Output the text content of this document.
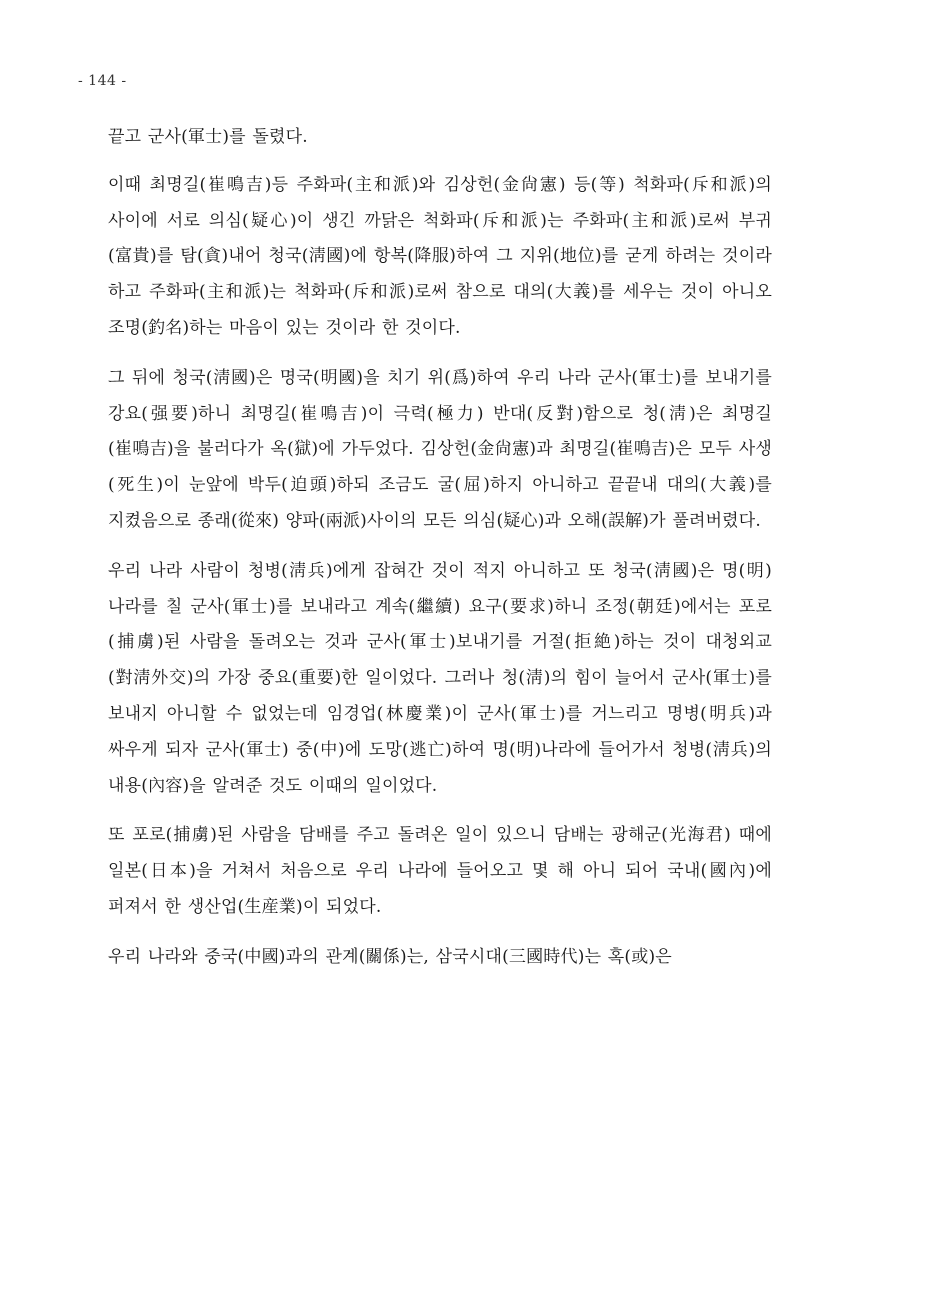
- 144 -

끝고 군사(軍士)를 돌렸다.

이때 최명길(崔鳴吉)등 주화파(主和派)와 김상헌(金尙憲) 등(等) 척화파(斥和派)의 사이에 서로 의심(疑心)이 생긴 까닭은 척화파(斥和派)는 주화파(主和派)로써 부귀(富貴)를 탐(貪)내어 청국(淸國)에 항복(降服)하여 그 지위(地位)를 굳게 하려는 것이라 하고 주화파(主和派)는 척화파(斥和派)로써 참으로 대의(大義)를 세우는 것이 아니오 조명(釣名)하는 마음이 있는 것이라 한 것이다.

그 뒤에 청국(淸國)은 명국(明國)을 치기 위(爲)하여 우리 나라 군사(軍士)를 보내기를 강요(强要)하니 최명길(崔鳴吉)이 극력(極力) 반대(反對)함으로 청(淸)은 최명길(崔鳴吉)을 불러다가 옥(獄)에 가두었다. 김상헌(金尙憲)과 최명길(崔鳴吉)은 모두 사생(死生)이 눈앞에 박두(迫頭)하되 조금도 굴(屈)하지 아니하고 끝끝내 대의(大義)를 지켰음으로 종래(從來) 양파(兩派)사이의 모든 의심(疑心)과 오해(誤解)가 풀려버렸다.

우리 나라 사람이 청병(淸兵)에게 잡혀간 것이 적지 아니하고 또 청국(淸國)은 명(明)나라를 칠 군사(軍士)를 보내라고 계속(繼續) 요구(要求)하니 조정(朝廷)에서는 포로(捕虜)된 사람을 돌려오는 것과 군사(軍士)보내기를 거절(拒絶)하는 것이 대청외교(對淸外交)의 가장 중요(重要)한 일이었다. 그러나 청(淸)의 힘이 늘어서 군사(軍士)를 보내지 아니할 수 없었는데 임경업(林慶業)이 군사(軍士)를 거느리고 명병(明兵)과 싸우게 되자 군사(軍士) 중(中)에 도망(逃亡)하여 명(明)나라에 들어가서 청병(淸兵)의 내용(內容)을 알려준 것도 이때의 일이었다.

또 포로(捕虜)된 사람을 담배를 주고 돌려온 일이 있으니 담배는 광해군(光海君) 때에 일본(日本)을 거쳐서 처음으로 우리 나라에 들어오고 몇 해 아니 되어 국내(國內)에 퍼져서 한 생산업(生産業)이 되었다.

우리 나라와 중국(中國)과의 관계(關係)는, 삼국시대(三國時代)는 혹(或)은
